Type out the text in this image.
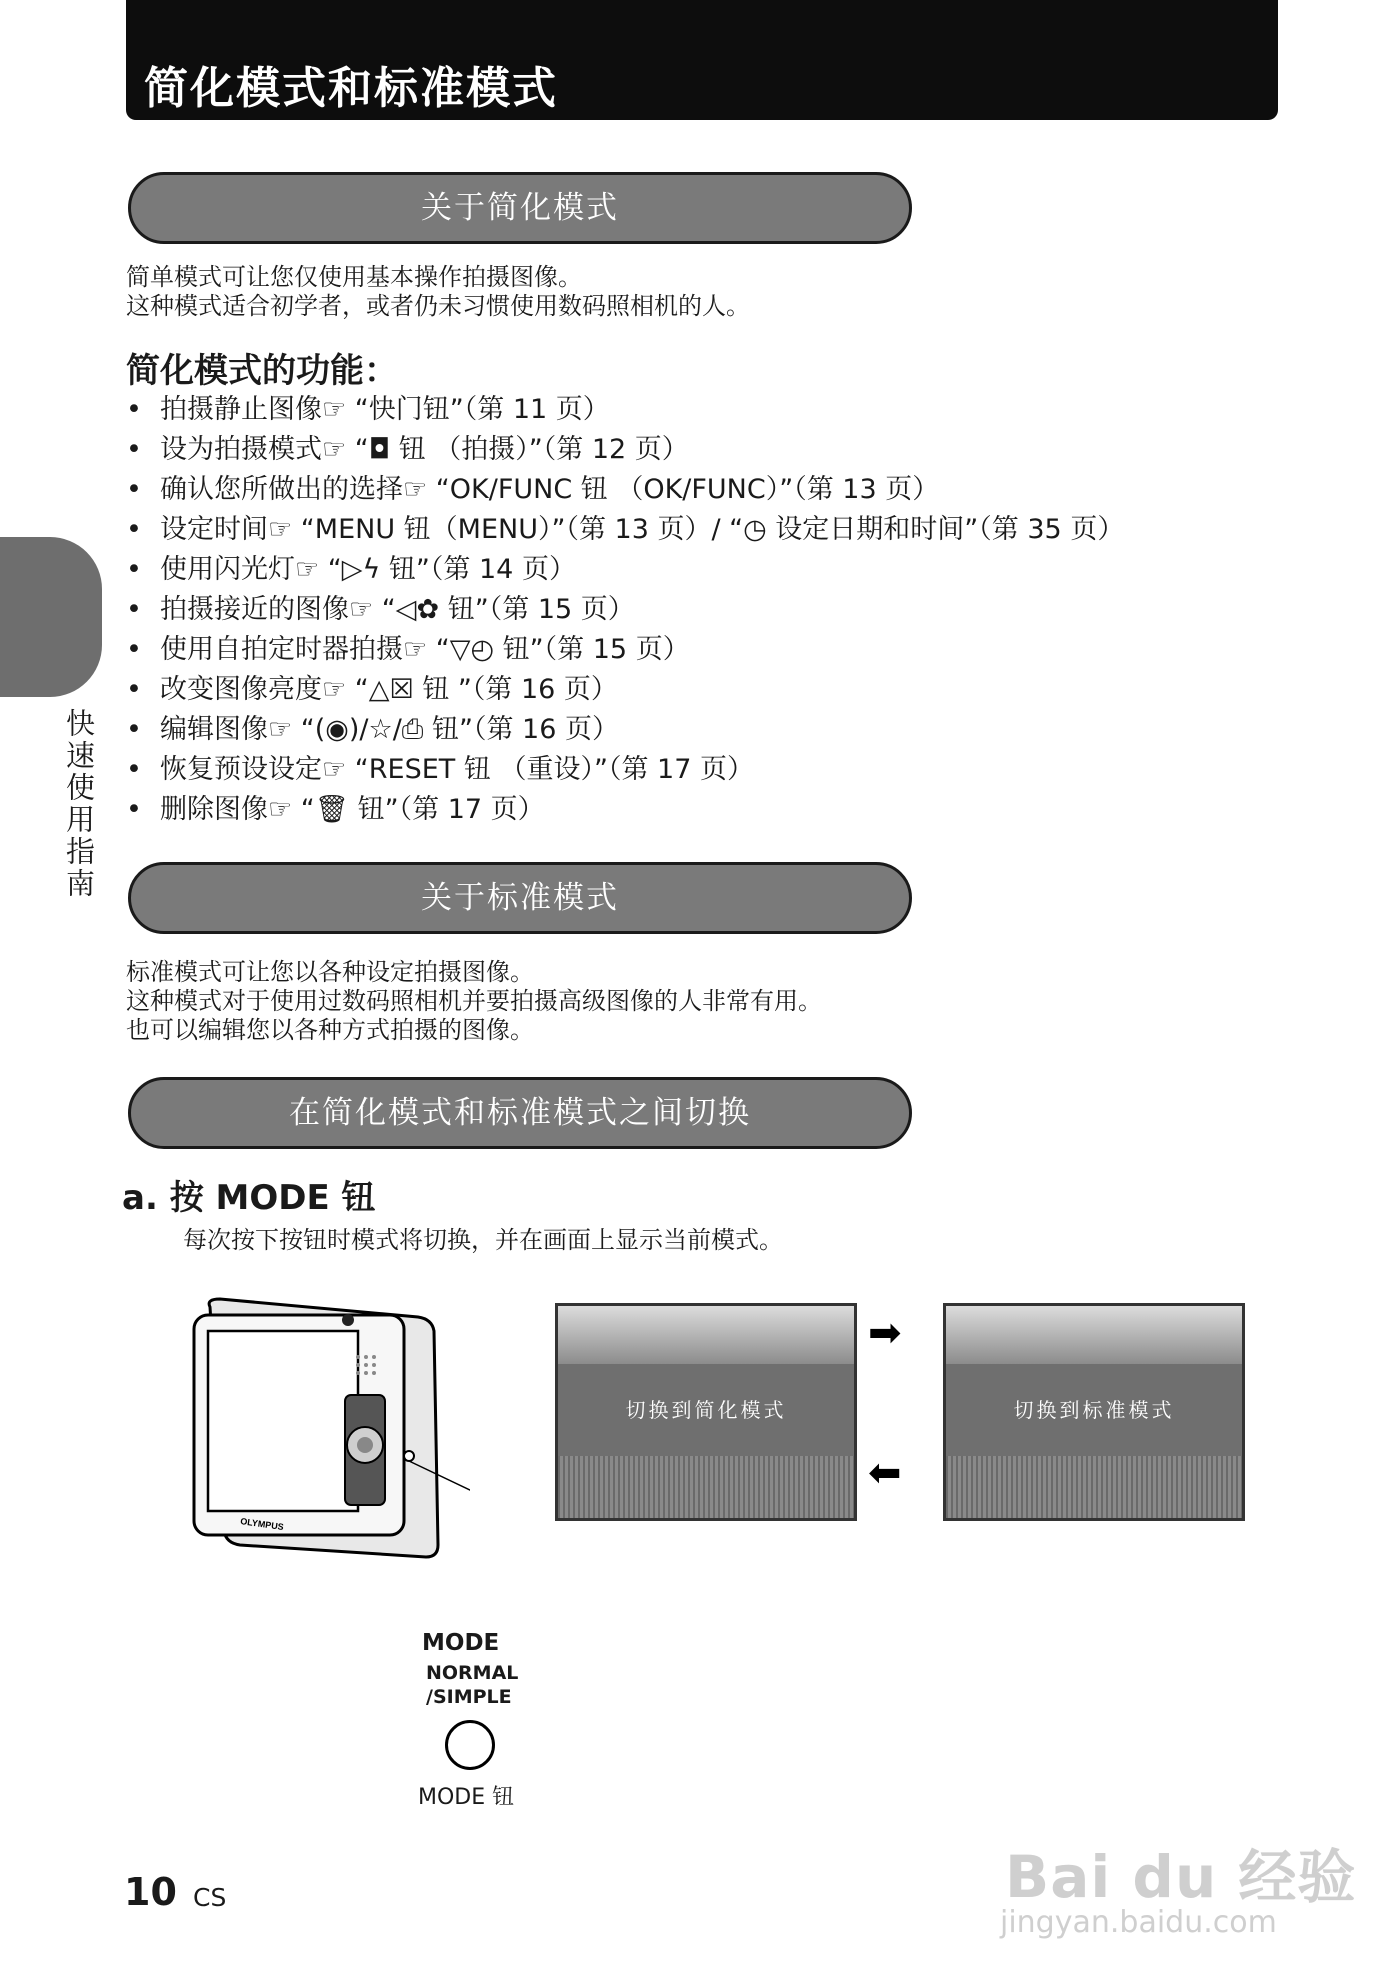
简化模式和标准模式
快速使用指南
关于简化模式
简单模式可让您仅使用基本操作拍摄图像。
这种模式适合初学者，或者仍未习惯使用数码照相机的人。
简化模式的功能：
• 拍摄静止图像☞ “快门钮”（第 11 页）
• 设为拍摄模式☞ “◘ 钮 （拍摄）”（第 12 页）
• 确认您所做出的选择☞ “OK/FUNC 钮 （OK/FUNC）”（第 13 页）
• 设定时间☞ “MENU 钮（MENU）”（第 13 页）/ “◷ 设定日期和时间”（第 35 页）
• 使用闪光灯☞ “▷ϟ 钮”（第 14 页）
• 拍摄接近的图像☞ “◁✿ 钮”（第 15 页）
• 使用自拍定时器拍摄☞ “▽◴ 钮”（第 15 页）
• 改变图像亮度☞ “△☒ 钮 ”（第 16 页）
• 编辑图像☞ “(◉)/☆/⎙ 钮”（第 16 页）
• 恢复预设设定☞ “RESET 钮 （重设）”（第 17 页）
• 删除图像☞ “🗑 钮”（第 17 页）
关于标准模式
标准模式可让您以各种设定拍摄图像。
这种模式对于使用过数码照相机并要拍摄高级图像的人非常有用。
也可以编辑您以各种方式拍摄的图像。
在简化模式和标准模式之间切换
a. 按 MODE 钮
每次按下按钮时模式将切换，并在画面上显示当前模式。
OLYMPUS
切换到简化模式	切换到标准模式
➡
⬅
MODE
NORMAL
/SIMPLE
MODE 钮
10 CS	Bai du 经验
jingyan.baidu.com
